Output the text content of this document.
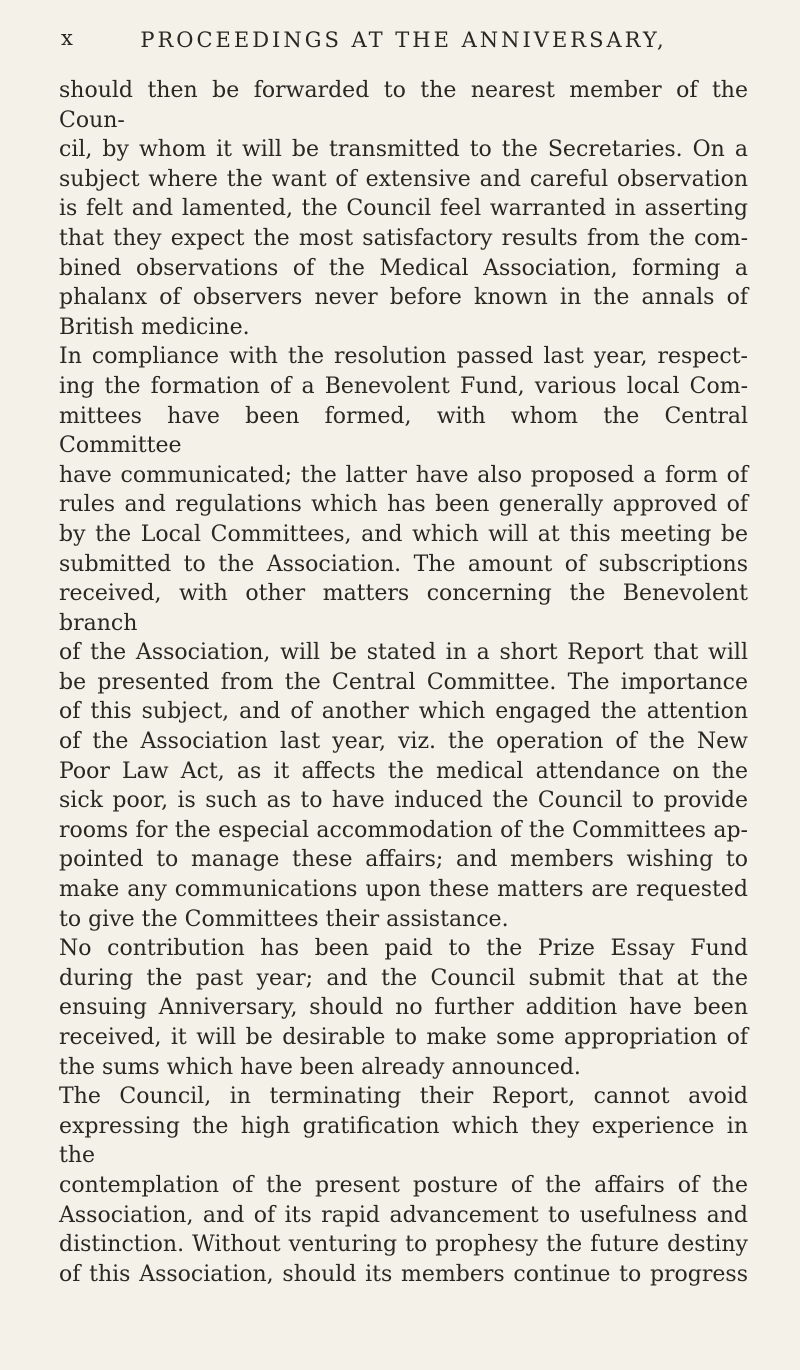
x	PROCEEDINGS AT THE ANNIVERSARY,
should then be forwarded to the nearest member of the Coun-
cil, by whom it will be transmitted to the Secretaries. On a
subject where the want of extensive and careful observation
is felt and lamented, the Council feel warranted in asserting
that they expect the most satisfactory results from the com-
bined observations of the Medical Association, forming a
phalanx of observers never before known in the annals of
British medicine.
In compliance with the resolution passed last year, respect-
ing the formation of a Benevolent Fund, various local Com-
mittees have been formed, with whom the Central Committee
have communicated; the latter have also proposed a form of
rules and regulations which has been generally approved of
by the Local Committees, and which will at this meeting be
submitted to the Association. The amount of subscriptions
received, with other matters concerning the Benevolent branch
of the Association, will be stated in a short Report that will
be presented from the Central Committee. The importance
of this subject, and of another which engaged the attention
of the Association last year, viz. the operation of the New
Poor Law Act, as it affects the medical attendance on the
sick poor, is such as to have induced the Council to provide
rooms for the especial accommodation of the Committees ap-
pointed to manage these affairs; and members wishing to
make any communications upon these matters are requested
to give the Committees their assistance.
No contribution has been paid to the Prize Essay Fund
during the past year; and the Council submit that at the
ensuing Anniversary, should no further addition have been
received, it will be desirable to make some appropriation of
the sums which have been already announced.
The Council, in terminating their Report, cannot avoid
expressing the high gratification which they experience in the
contemplation of the present posture of the affairs of the
Association, and of its rapid advancement to usefulness and
distinction. Without venturing to prophesy the future destiny
of this Association, should its members continue to progress
